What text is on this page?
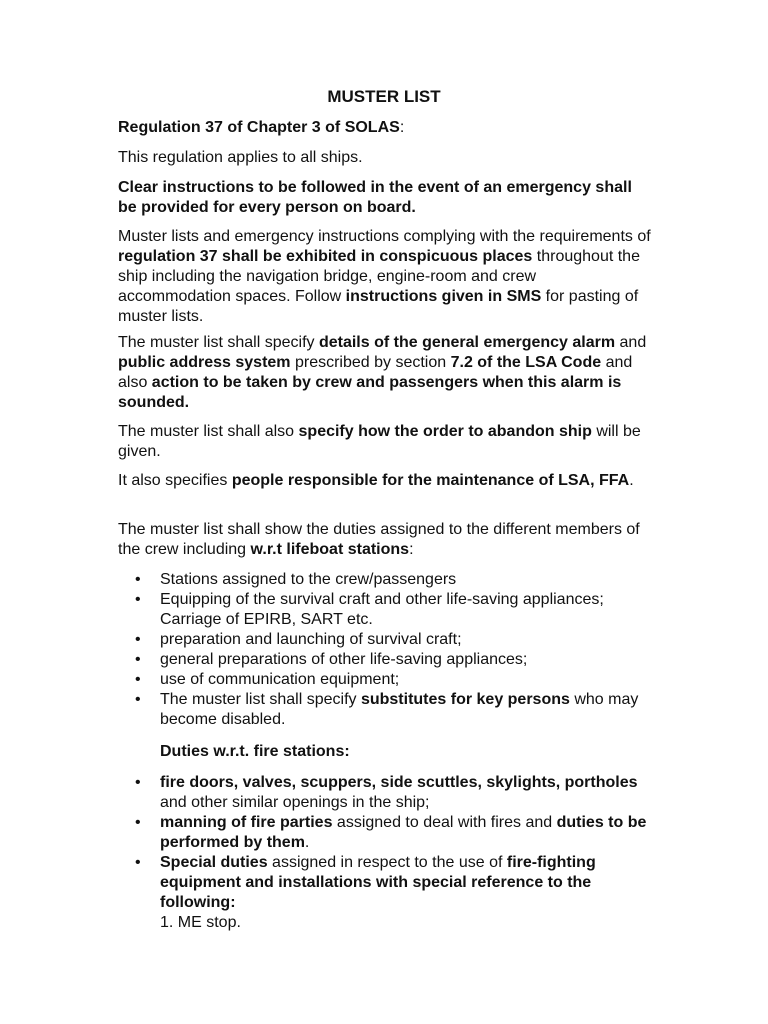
MUSTER LIST

Regulation 37 of Chapter 3 of SOLAS:

This regulation applies to all ships.

Clear instructions to be followed in the event of an emergency shall be provided for every person on board.

Muster lists and emergency instructions complying with the requirements of regulation 37 shall be exhibited in conspicuous places throughout the ship including the navigation bridge, engine-room and crew accommodation spaces. Follow instructions given in SMS for pasting of muster lists.

The muster list shall specify details of the general emergency alarm and public address system prescribed by section 7.2 of the LSA Code and also action to be taken by crew and passengers when this alarm is sounded.

The muster list shall also specify how the order to abandon ship will be given.

It also specifies people responsible for the maintenance of LSA, FFA.

The muster list shall show the duties assigned to the different members of the crew including w.r.t lifeboat stations:

• Stations assigned to the crew/passengers
• Equipping of the survival craft and other life-saving appliances; Carriage of EPIRB, SART etc.
• preparation and launching of survival craft;
• general preparations of other life-saving appliances;
• use of communication equipment;
• The muster list shall specify substitutes for key persons who may become disabled.

Duties w.r.t. fire stations:

• fire doors, valves, scuppers, side scuttles, skylights, portholes and other similar openings in the ship;
• manning of fire parties assigned to deal with fires and duties to be performed by them.
• Special duties assigned in respect to the use of fire-fighting equipment and installations with special reference to the following:
1. ME stop.
